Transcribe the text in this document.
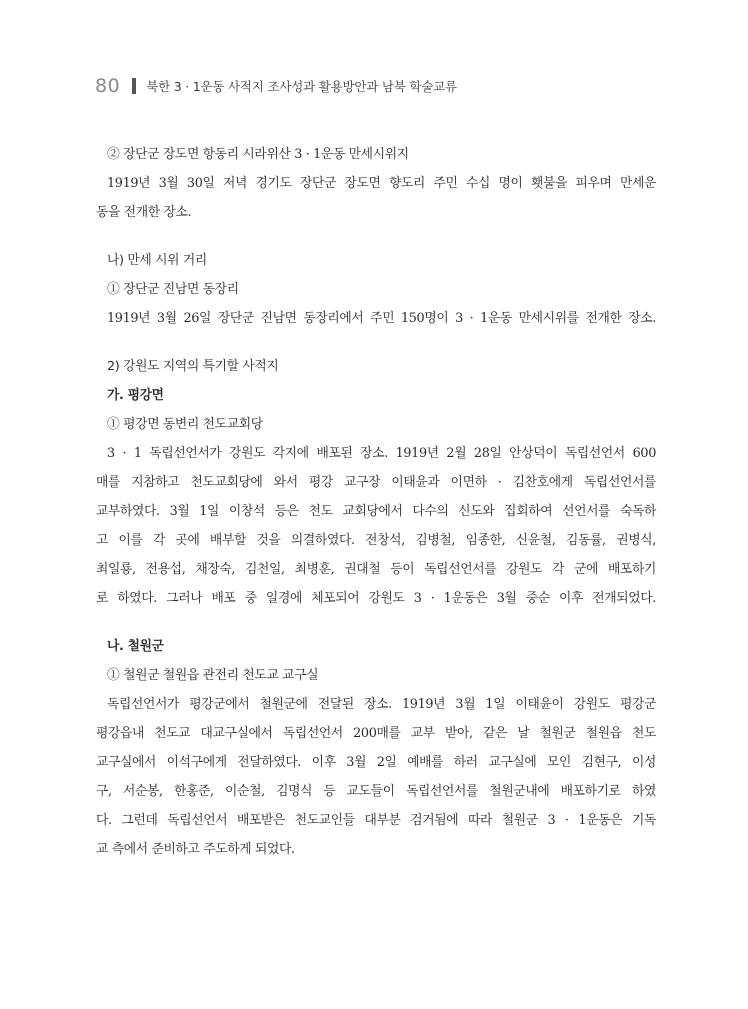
80 북한 3 · 1운동 사적지 조사성과 활용방안과 남북 학술교류
② 장단군 장도면 항동리 시라위산 3 · 1운동 만세시위지
1919년 3월 30일 저녁 경기도 장단군 장도면 향도리 주민 수십 명이 횃불을 피우며 만세운
동을 전개한 장소.
나) 만세 시위 거리
① 장단군 진남면 동장리
1919년 3월 26일 장단군 진남면 동장리에서 주민 150명이 3 · 1운동 만세시위를 전개한 장소.
2) 강원도 지역의 특기할 사적지
가. 평강면
① 평강면 동변리 천도교회당
3 · 1 독립선언서가 강원도 각지에 배포된 장소. 1919년 2월 28일 안상덕이 독립선언서 600
매를 지참하고 천도교회당에 와서 평강 교구장 이태윤과 이면하 · 김찬호에게 독립선언서를
교부하였다. 3월 1일 이창석 등은 천도 교회당에서 다수의 신도와 집회하여 선언서를 숙독하
고 이를 각 곳에 배부할 것을 의결하였다. 전창석, 김병철, 임종한, 신윤철, 김동률, 권병식,
최일룡, 전용섭, 채장숙, 김천일, 최병훈, 권대철 등이 독립선언서를 강원도 각 군에 배포하기
로 하였다. 그러나 배포 중 일경에 체포되어 강원도 3 · 1운동은 3월 중순 이후 전개되었다.
나. 철원군
① 철원군 철원읍 관전리 천도교 교구실
독립선언서가 평강군에서 철원군에 전달된 장소. 1919년 3월 1일 이태윤이 강원도 평강군
평강읍내 천도교 대교구실에서 독립선언서 200매를 교부 받아, 같은 날 철원군 철원읍 천도
교구실에서 이석구에게 전달하였다. 이후 3월 2일 예배를 하러 교구실에 모인 김현구, 이성
구, 서순봉, 한홍준, 이순철, 김명식 등 교도들이 독립선언서를 철원군내에 배포하기로 하였
다. 그런데 독립선언서 배포받은 천도교인들 대부분 검거됨에 따라 철원군 3 · 1운동은 기독
교 측에서 준비하고 주도하게 되었다.
